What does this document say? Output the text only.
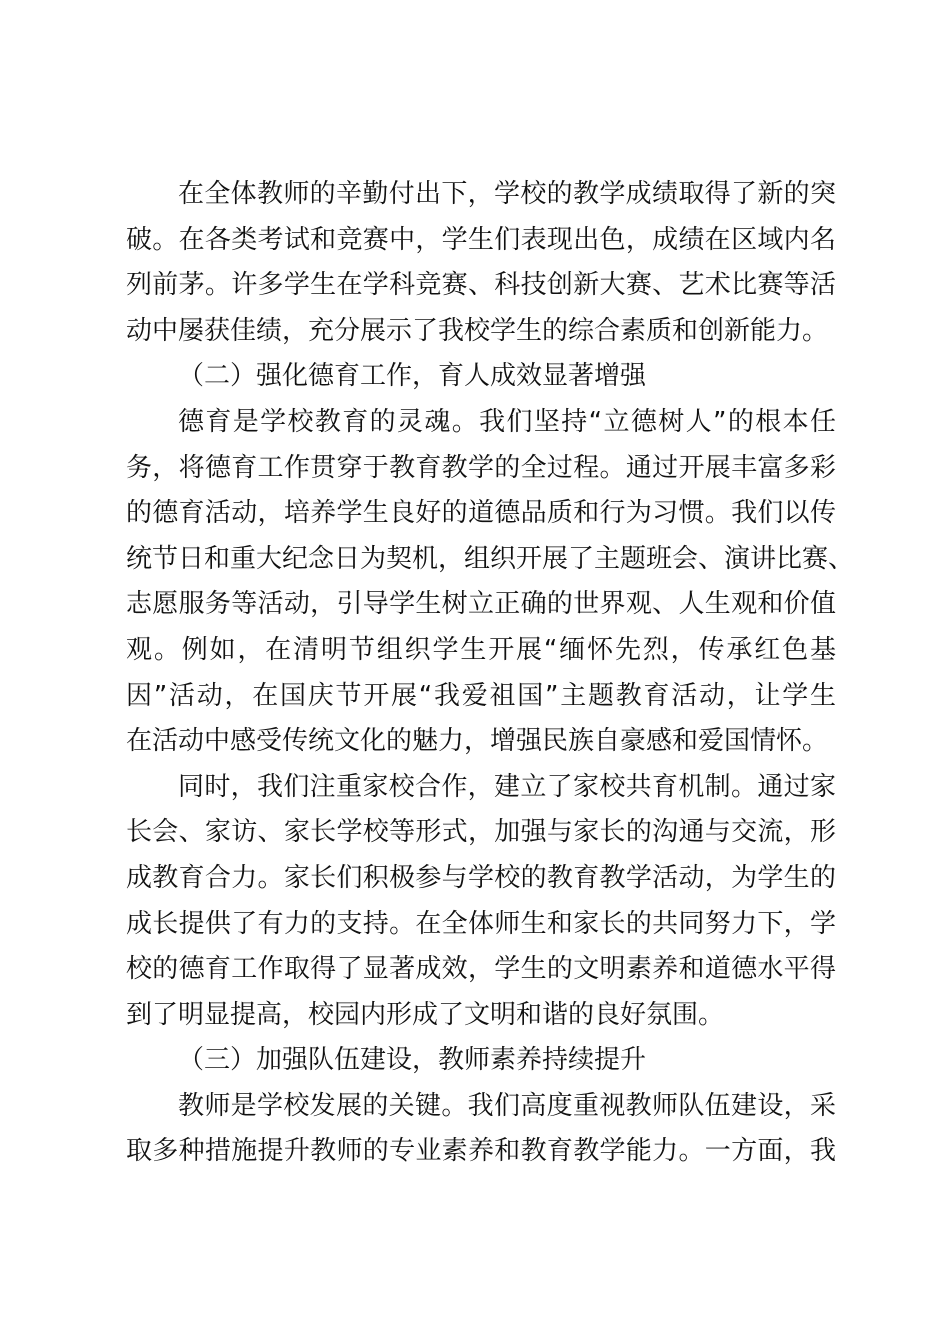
在全体教师的辛勤付出下，学校的教学成绩取得了新的突
破。在各类考试和竞赛中，学生们表现出色，成绩在区域内名
列前茅。许多学生在学科竞赛、科技创新大赛、艺术比赛等活
动中屡获佳绩，充分展示了我校学生的综合素质和创新能力。
（二）强化德育工作，育人成效显著增强
德育是学校教育的灵魂。我们坚持“立德树人”的根本任
务，将德育工作贯穿于教育教学的全过程。通过开展丰富多彩
的德育活动，培养学生良好的道德品质和行为习惯。我们以传
统节日和重大纪念日为契机，组织开展了主题班会、演讲比赛、
志愿服务等活动，引导学生树立正确的世界观、人生观和价值
观。例如，在清明节组织学生开展“缅怀先烈，传承红色基
因”活动，在国庆节开展“我爱祖国”主题教育活动，让学生
在活动中感受传统文化的魅力，增强民族自豪感和爱国情怀。
同时，我们注重家校合作，建立了家校共育机制。通过家
长会、家访、家长学校等形式，加强与家长的沟通与交流，形
成教育合力。家长们积极参与学校的教育教学活动，为学生的
成长提供了有力的支持。在全体师生和家长的共同努力下，学
校的德育工作取得了显著成效，学生的文明素养和道德水平得
到了明显提高，校园内形成了文明和谐的良好氛围。
（三）加强队伍建设，教师素养持续提升
教师是学校发展的关键。我们高度重视教师队伍建设，采
取多种措施提升教师的专业素养和教育教学能力。一方面，我
